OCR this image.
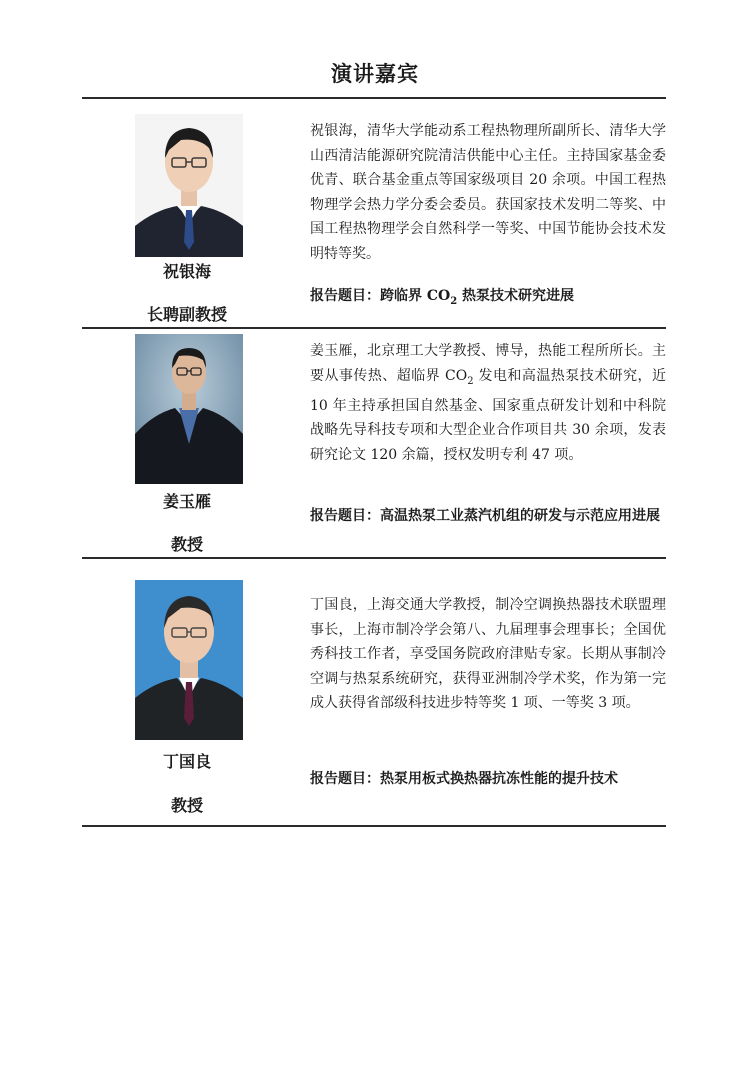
演讲嘉宾
祝银海
长聘副教授
祝银海，清华大学能动系工程热物理所副所长、清华大学山西清洁能源研究院清洁供能中心主任。主持国家基金委优青、联合基金重点等国家级项目 20 余项。中国工程热物理学会热力学分委会委员。获国家技术发明二等奖、中国工程热物理学会自然科学一等奖、中国节能协会技术发明特等奖。
报告题目：跨临界 $CO_2$ 热泵技术研究进展
姜玉雁
教授
姜玉雁，北京理工大学教授、博导，热能工程所所长。主要从事传热、超临界 $CO_2$ 发电和高温热泵技术研究，近 10 年主持承担国自然基金、国家重点研发计划和中科院战略先导科技专项和大型企业合作项目共 30 余项，发表研究论文 120 余篇，授权发明专利 47 项。
报告题目：高温热泵工业蒸汽机组的研发与示范应用进展
丁国良
教授
丁国良，上海交通大学教授，制冷空调换热器技术联盟理事长，上海市制冷学会第八、九届理事会理事长；全国优秀科技工作者，享受国务院政府津贴专家。长期从事制冷空调与热泵系统研究，获得亚洲制冷学术奖，作为第一完成人获得省部级科技进步特等奖 1 项、一等奖 3 项。
报告题目：热泵用板式换热器抗冻性能的提升技术
